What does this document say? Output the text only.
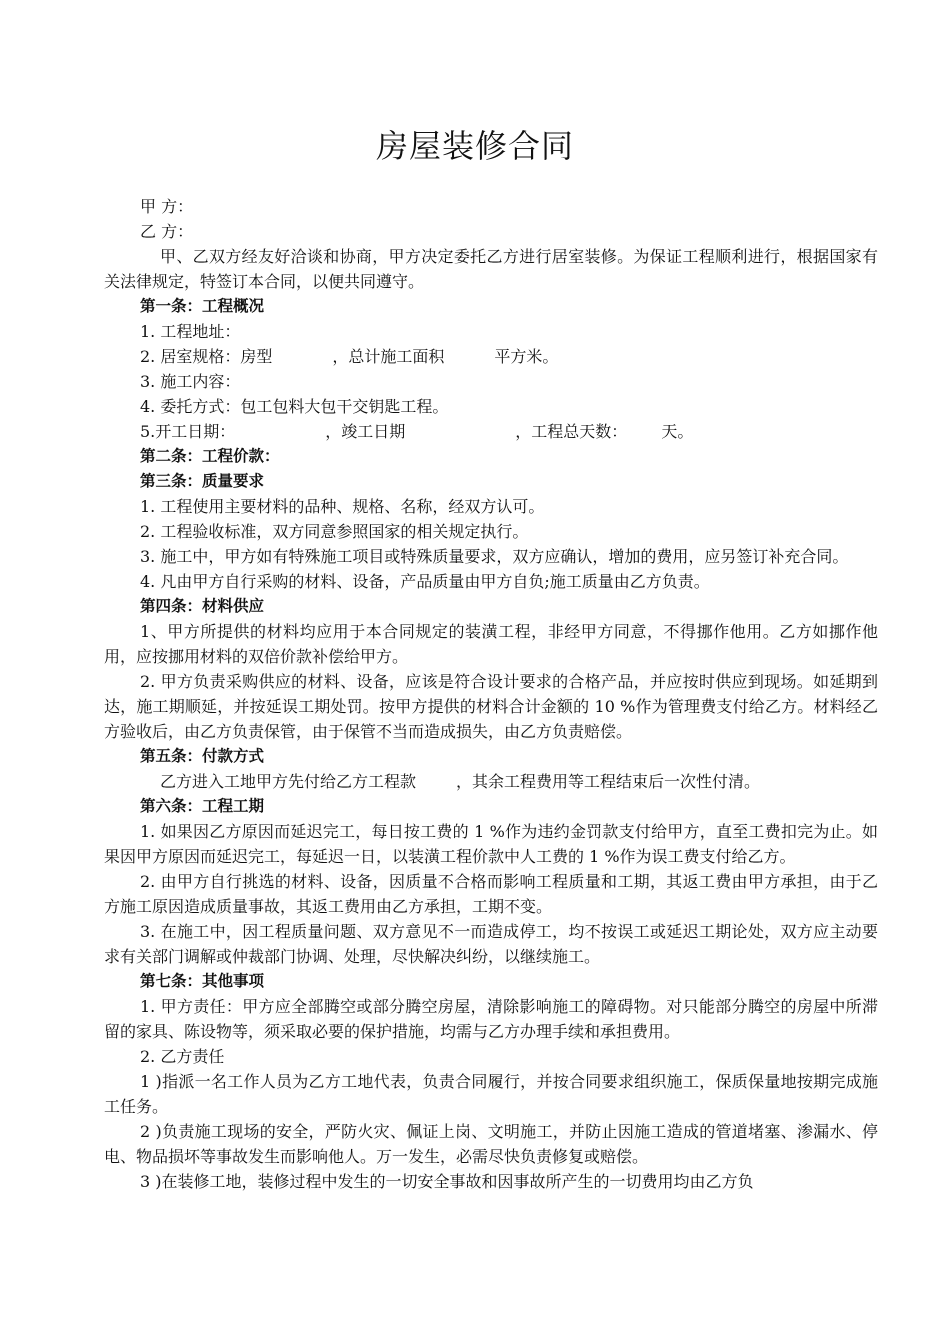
房屋装修合同

甲 方：

乙 方：

甲、乙双方经友好洽谈和协商，甲方决定委托乙方进行居室装修。为保证工程顺利进行，根据国家有关法律规定，特签订本合同，以便共同遵守。

第一条：工程概况

1. 工程地址：

2. 居室规格：房型	，总计施工面积	平方米。

3. 施工内容：

4. 委托方式：包工包料大包干交钥匙工程。

5.开工日期：	，竣工日期	，工程总天数： 天。

第二条：工程价款：

第三条：质量要求

1. 工程使用主要材料的品种、规格、名称，经双方认可。

2. 工程验收标准，双方同意参照国家的相关规定执行。

3. 施工中，甲方如有特殊施工项目或特殊质量要求，双方应确认，增加的费用，应另签订补充合同。

4. 凡由甲方自行采购的材料、设备，产品质量由甲方自负;施工质量由乙方负责。

第四条：材料供应

1、甲方所提供的材料均应用于本合同规定的装潢工程，非经甲方同意，不得挪作他用。乙方如挪作他用，应按挪用材料的双倍价款补偿给甲方。

2. 甲方负责采购供应的材料、设备，应该是符合设计要求的合格产品，并应按时供应到现场。如延期到达，施工期顺延，并按延误工期处罚。按甲方提供的材料合计金额的 10 %作为管理费支付给乙方。材料经乙方验收后，由乙方负责保管，由于保管不当而造成损失，由乙方负责赔偿。

第五条：付款方式

乙方进入工地甲方先付给乙方工程款	，其余工程费用等工程结束后一次性付清。

第六条：工程工期

1. 如果因乙方原因而延迟完工，每日按工费的 1 %作为违约金罚款支付给甲方，直至工费扣完为止。如果因甲方原因而延迟完工，每延迟一日，以装潢工程价款中人工费的 1 %作为误工费支付给乙方。

2. 由甲方自行挑选的材料、设备，因质量不合格而影响工程质量和工期，其返工费由甲方承担，由于乙方施工原因造成质量事故，其返工费用由乙方承担，工期不变。

3. 在施工中，因工程质量问题、双方意见不一而造成停工，均不按误工或延迟工期论处，双方应主动要求有关部门调解或仲裁部门协调、处理，尽快解决纠纷，以继续施工。

第七条：其他事项

1. 甲方责任：甲方应全部腾空或部分腾空房屋，清除影响施工的障碍物。对只能部分腾空的房屋中所滞留的家具、陈设物等，须采取必要的保护措施，均需与乙方办理手续和承担费用。

2. 乙方责任

1 )指派一名工作人员为乙方工地代表，负责合同履行，并按合同要求组织施工，保质保量地按期完成施工任务。

2 )负责施工现场的安全，严防火灾、佩证上岗、文明施工，并防止因施工造成的管道堵塞、渗漏水、停电、物品损坏等事故发生而影响他人。万一发生，必需尽快负责修复或赔偿。

3 )在装修工地，装修过程中发生的一切安全事故和因事故所产生的一切费用均由乙方负
